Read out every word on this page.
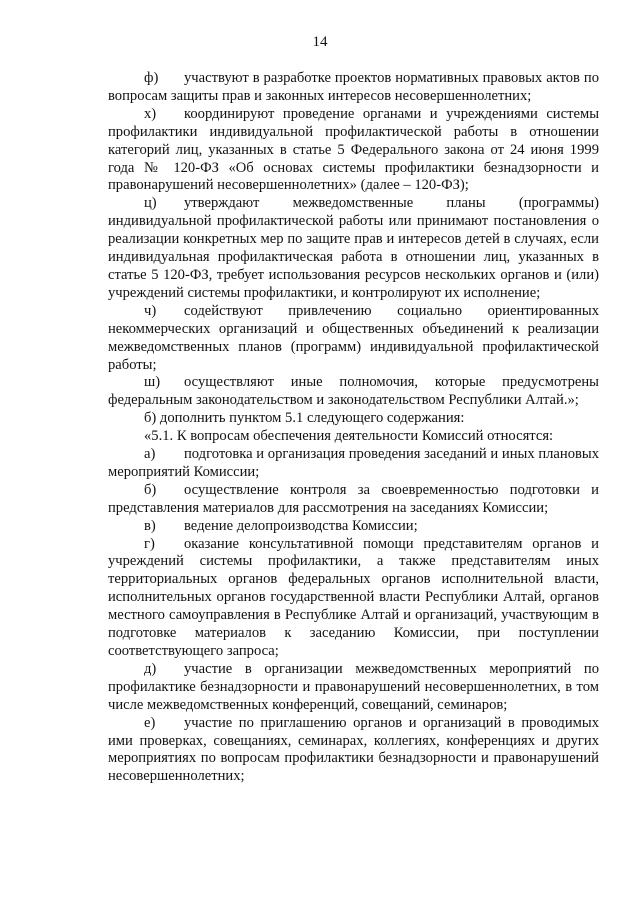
14

ф) участвуют в разработке проектов нормативных правовых актов по вопросам защиты прав и законных интересов несовершеннолетних;

х) координируют проведение органами и учреждениями системы профилактики индивидуальной профилактической работы в отношении категорий лиц, указанных в статье 5 Федерального закона от 24 июня 1999 года № 120-ФЗ «Об основах системы профилактики безнадзорности и правонарушений несовершеннолетних» (далее – 120-ФЗ);

ц) утверждают межведомственные планы (программы) индивидуальной профилактической работы или принимают постановления о реализации конкретных мер по защите прав и интересов детей в случаях, если индивидуальная профилактическая работа в отношении лиц, указанных в статье 5 120-ФЗ, требует использования ресурсов нескольких органов и (или) учреждений системы профилактики, и контролируют их исполнение;

ч) содействуют привлечению социально ориентированных некоммерческих организаций и общественных объединений к реализации межведомственных планов (программ) индивидуальной профилактической работы;

ш) осуществляют иные полномочия, которые предусмотрены федеральным законодательством и законодательством Республики Алтай.»;

б) дополнить пунктом 5.1 следующего содержания:

«5.1. К вопросам обеспечения деятельности Комиссий относятся:

а) подготовка и организация проведения заседаний и иных плановых мероприятий Комиссии;

б) осуществление контроля за своевременностью подготовки и представления материалов для рассмотрения на заседаниях Комиссии;

в) ведение делопроизводства Комиссии;

г) оказание консультативной помощи представителям органов и учреждений системы профилактики, а также представителям иных территориальных органов федеральных органов исполнительной власти, исполнительных органов государственной власти Республики Алтай, органов местного самоуправления в Республике Алтай и организаций, участвующим в подготовке материалов к заседанию Комиссии, при поступлении соответствующего запроса;

д) участие в организации межведомственных мероприятий по профилактике безнадзорности и правонарушений несовершеннолетних, в том числе межведомственных конференций, совещаний, семинаров;

е) участие по приглашению органов и организаций в проводимых ими проверках, совещаниях, семинарах, коллегиях, конференциях и других мероприятиях по вопросам профилактики безнадзорности и правонарушений несовершеннолетних;
